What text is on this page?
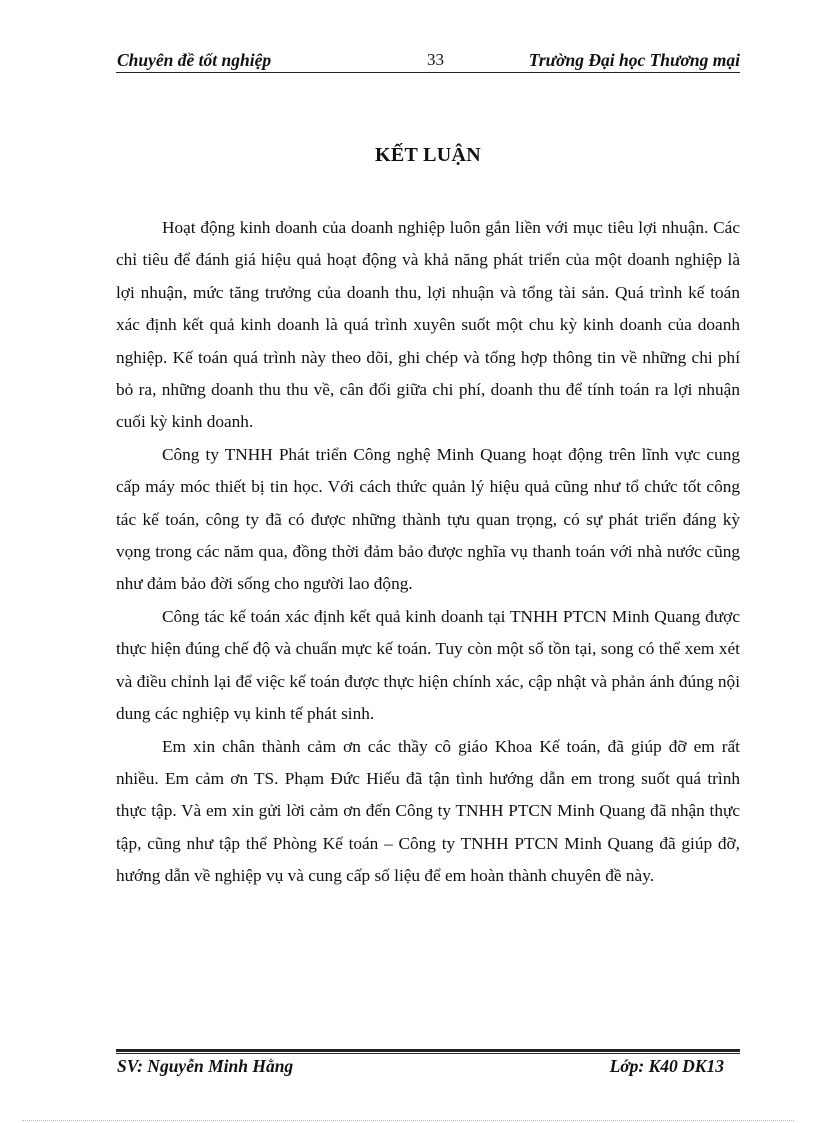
Chuyên đề tốt nghiệp	33	Trường Đại học Thương mại
KẾT LUẬN

Hoạt động kinh doanh của doanh nghiệp luôn gắn liền với mục tiêu lợi nhuận. Các chỉ tiêu để đánh giá hiệu quả hoạt động và khả năng phát triển của một doanh nghiệp là lợi nhuận, mức tăng trưởng của doanh thu, lợi nhuận và tổng tài sản. Quá trình kế toán xác định kết quả kinh doanh là quá trình xuyên suốt một chu kỳ kinh doanh của doanh nghiệp. Kế toán quá trình này theo dõi, ghi chép và tổng hợp thông tin về những chi phí bỏ ra, những doanh thu thu về, cân đối giữa chi phí, doanh thu để tính toán ra lợi nhuận cuối kỳ kinh doanh.

Công ty TNHH Phát triển Công nghệ Minh Quang hoạt động trên lĩnh vực cung cấp máy móc thiết bị tin học. Với cách thức quản lý hiệu quả cũng như tổ chức tốt công tác kế toán, công ty đã có được những thành tựu quan trọng, có sự phát triển đáng kỳ vọng trong các năm qua, đồng thời đảm bảo được nghĩa vụ thanh toán với nhà nước cũng như đảm bảo đời sống cho người lao động.

Công tác kế toán xác định kết quả kinh doanh tại TNHH PTCN Minh Quang được thực hiện đúng chế độ và chuẩn mực kế toán. Tuy còn một số tồn tại, song có thể xem xét và điều chỉnh lại để việc kế toán được thực hiện chính xác, cập nhật và phản ánh đúng nội dung các nghiệp vụ kinh tế phát sinh.

Em xin chân thành cảm ơn các thầy cô giáo Khoa Kế toán, đã giúp đỡ em rất nhiều. Em cảm ơn TS. Phạm Đức Hiếu đã tận tình hướng dẫn em trong suốt quá trình thực tập. Và em xin gửi lời cảm ơn đến Công ty TNHH PTCN Minh Quang đã nhận thực tập, cũng như tập thể Phòng Kế toán – Công ty TNHH PTCN Minh Quang đã giúp đỡ, hướng dẫn về nghiệp vụ và cung cấp số liệu để em hoàn thành chuyên đề này.

SV: Nguyễn Minh Hằng	Lớp: K40 DK13
